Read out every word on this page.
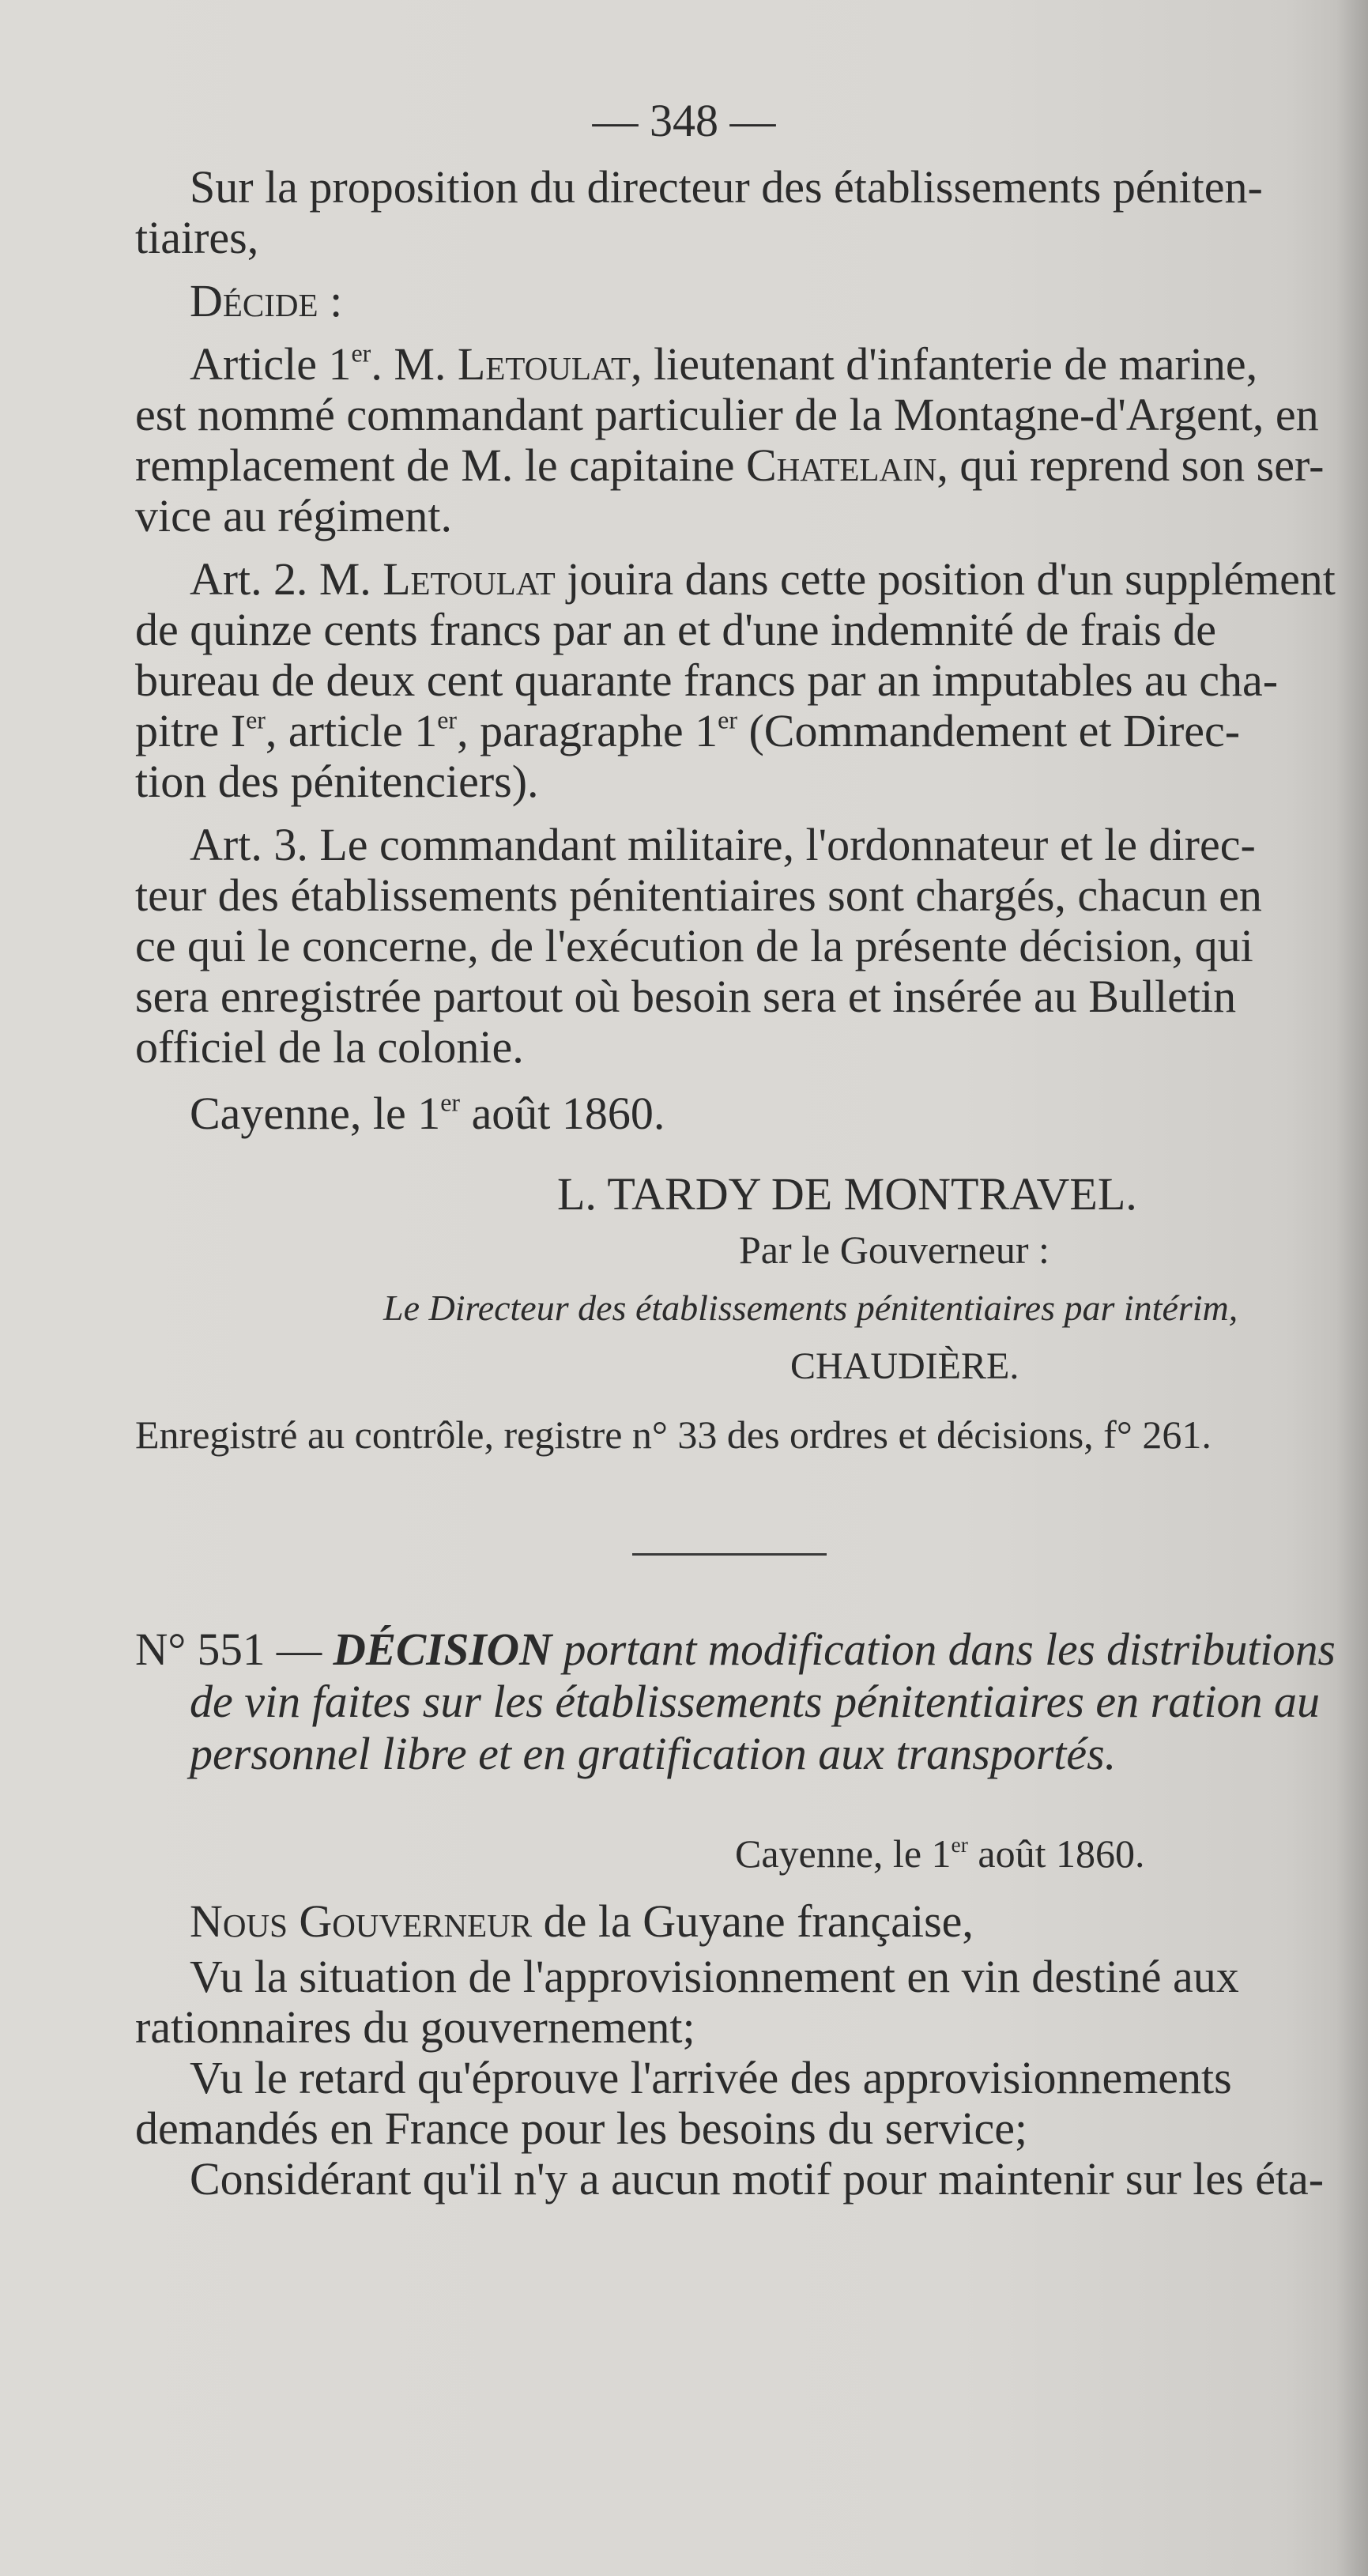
— 348 —
Sur la proposition du directeur des établissements péniten-
tiaires,
Décide :
Article 1er. M. Letoulat, lieutenant d'infanterie de marine,
est nommé commandant particulier de la Montagne-d'Argent, en
remplacement de M. le capitaine Chatelain, qui reprend son ser-
vice au régiment.
Art. 2. M. Letoulat jouira dans cette position d'un supplément
de quinze cents francs par an et d'une indemnité de frais de
bureau de deux cent quarante francs par an imputables au cha-
pitre Ier, article 1er, paragraphe 1er (Commandement et Direc-
tion des pénitenciers).
Art. 3. Le commandant militaire, l'ordonnateur et le direc-
teur des établissements pénitentiaires sont chargés, chacun en
ce qui le concerne, de l'exécution de la présente décision, qui
sera enregistrée partout où besoin sera et insérée au Bulletin
officiel de la colonie.
Cayenne, le 1er août 1860.
L. TARDY DE MONTRAVEL.
Par le Gouverneur :
Le Directeur des établissements pénitentiaires par intérim,
CHAUDIÈRE.
Enregistré au contrôle, registre n° 33 des ordres et décisions, f° 261.
N° 551 — DÉCISION portant modification dans les distributions
de vin faites sur les établissements pénitentiaires en ration au
personnel libre et en gratification aux transportés.
Cayenne, le 1er août 1860.
Nous Gouverneur de la Guyane française,
Vu la situation de l'approvisionnement en vin destiné aux
rationnaires du gouvernement;
Vu le retard qu'éprouve l'arrivée des approvisionnements
demandés en France pour les besoins du service;
Considérant qu'il n'y a aucun motif pour maintenir sur les éta-
